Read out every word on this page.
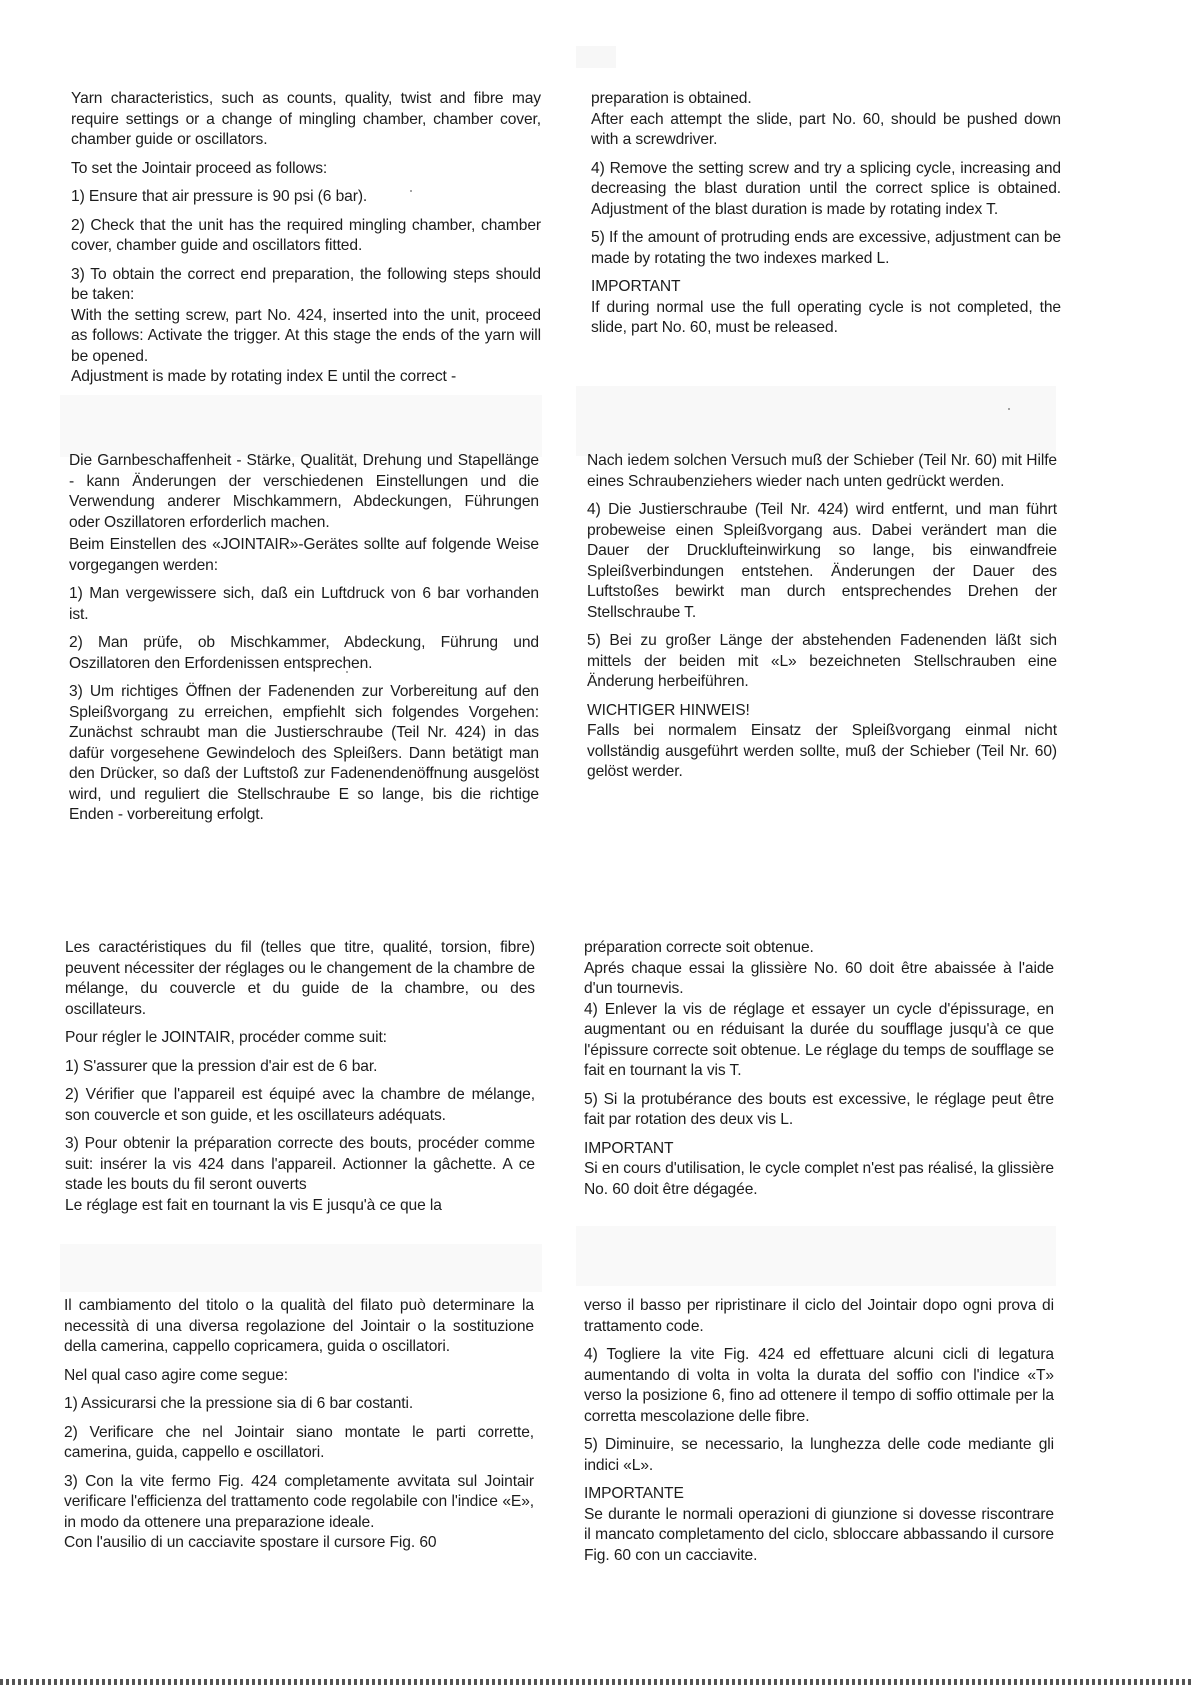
Yarn characteristics, such as counts, quality, twist and fibre may require settings or a change of mingling chamber, chamber cover, chamber guide or oscillators.

To set the Jointair proceed as follows:

1) Ensure that air pressure is 90 psi (6 bar).

2) Check that the unit has the required mingling chamber, chamber cover, chamber guide and oscillators fitted.

3) To obtain the correct end preparation, the following steps should be taken:

With the setting screw, part No. 424, inserted into the unit, proceed as follows: Activate the trigger. At this stage the ends of the yarn will be opened.

Adjustment is made by rotating index E until the correct -

preparation is obtained.

After each attempt the slide, part No. 60, should be pushed down with a screwdriver.

4) Remove the setting screw and try a splicing cycle, increasing and decreasing the blast duration until the correct splice is obtained. Adjustment of the blast duration is made by rotating index T.

5) If the amount of protruding ends are excessive, adjustment can be made by rotating the two indexes marked L.

IMPORTANT

If during normal use the full operating cycle is not completed, the slide, part No. 60, must be released.

Die Garnbeschaffenheit - Stärke, Qualität, Drehung und Stapellänge - kann Änderungen der verschiedenen Einstellungen und die Verwendung anderer Mischkammern, Abdeckungen, Führungen oder Oszillatoren erforderlich machen.

Beim Einstellen des «JOINTAIR»-Gerätes sollte auf folgende Weise vorgegangen werden:

1) Man vergewissere sich, daß ein Luftdruck von 6 bar vorhanden ist.

2) Man prüfe, ob Mischkammer, Abdeckung, Führung und Oszillatoren den Erfordenissen entsprechen.

3) Um richtiges Öffnen der Fadenenden zur Vorbereitung auf den Spleißvorgang zu erreichen, empfiehlt sich folgendes Vorgehen: Zunächst schraubt man die Justierschraube (Teil Nr. 424) in das dafür vorgesehene Gewindeloch des Spleißers. Dann betätigt man den Drücker, so daß der Luftstoß zur Fadenendenöffnung ausgelöst wird, und reguliert die Stellschraube E so lange, bis die richtige Enden - vorbereitung erfolgt.

Nach iedem solchen Versuch muß der Schieber (Teil Nr. 60) mit Hilfe eines Schraubenziehers wieder nach unten gedrückt werden.

4) Die Justierschraube (Teil Nr. 424) wird entfernt, und man führt probeweise einen Spleißvorgang aus. Dabei verändert man die Dauer der Drucklufteinwirkung so lange, bis einwandfreie Spleißverbindungen entstehen. Änderungen der Dauer des Luftstoßes bewirkt man durch entsprechendes Drehen der Stellschraube T.

5) Bei zu großer Länge der abstehenden Fadenenden läßt sich mittels der beiden mit «L» bezeichneten Stellschrauben eine Änderung herbeiführen.

WICHTIGER HINWEIS!

Falls bei normalem Einsatz der Spleißvorgang einmal nicht vollständig ausgeführt werden sollte, muß der Schieber (Teil Nr. 60) gelöst werder.

Les caractéristiques du fil (telles que titre, qualité, torsion, fibre) peuvent nécessiter der réglages ou le changement de la chambre de mélange, du couvercle et du guide de la chambre, ou des oscillateurs.

Pour régler le JOINTAIR, procéder comme suit:

1) S'assurer que la pression d'air est de 6 bar.

2) Vérifier que l'appareil est équipé avec la chambre de mélange, son couvercle et son guide, et les oscillateurs adéquats.

3) Pour obtenir la préparation correcte des bouts, procéder comme suit: insérer la vis 424 dans l'appareil. Actionner la gâchette. A ce stade les bouts du fil seront ouverts

Le réglage est fait en tournant la vis E jusqu'à ce que la

préparation correcte soit obtenue.

Aprés chaque essai la glissière No. 60 doit être abaissée à l'aide d'un tournevis.

4) Enlever la vis de réglage et essayer un cycle d'épissurage, en augmentant ou en réduisant la durée du soufflage jusqu'à ce que l'épissure correcte soit obtenue. Le réglage du temps de soufflage se fait en tournant la vis T.

5) Si la protubérance des bouts est excessive, le réglage peut être fait par rotation des deux vis L.

IMPORTANT

Si en cours d'utilisation, le cycle complet n'est pas réalisé, la glissière No. 60 doit être dégagée.

Il cambiamento del titolo o la qualità del filato può determinare la necessità di una diversa regolazione del Jointair o la sostituzione della camerina, cappello copricamera, guida o oscillatori.

Nel qual caso agire come segue:

1) Assicurarsi che la pressione sia di 6 bar costanti.

2) Verificare che nel Jointair siano montate le parti corrette, camerina, guida, cappello e oscillatori.

3) Con la vite fermo Fig. 424 completamente avvitata sul Jointair verificare l'efficienza del trattamento code regolabile con l'indice «E», in modo da ottenere una preparazione ideale.

Con l'ausilio di un cacciavite spostare il cursore Fig. 60

verso il basso per ripristinare il ciclo del Jointair dopo ogni prova di trattamento code.

4) Togliere la vite Fig. 424 ed effettuare alcuni cicli di legatura aumentando di volta in volta la durata del soffio con l'indice «T» verso la posizione 6, fino ad ottenere il tempo di soffio ottimale per la corretta mescolazione delle fibre.

5) Diminuire, se necessario, la lunghezza delle code mediante gli indici «L».

IMPORTANTE

Se durante le normali operazioni di giunzione si dovesse riscontrare il mancato completamento del ciclo, sbloccare abbassando il cursore Fig. 60 con un cacciavite.
